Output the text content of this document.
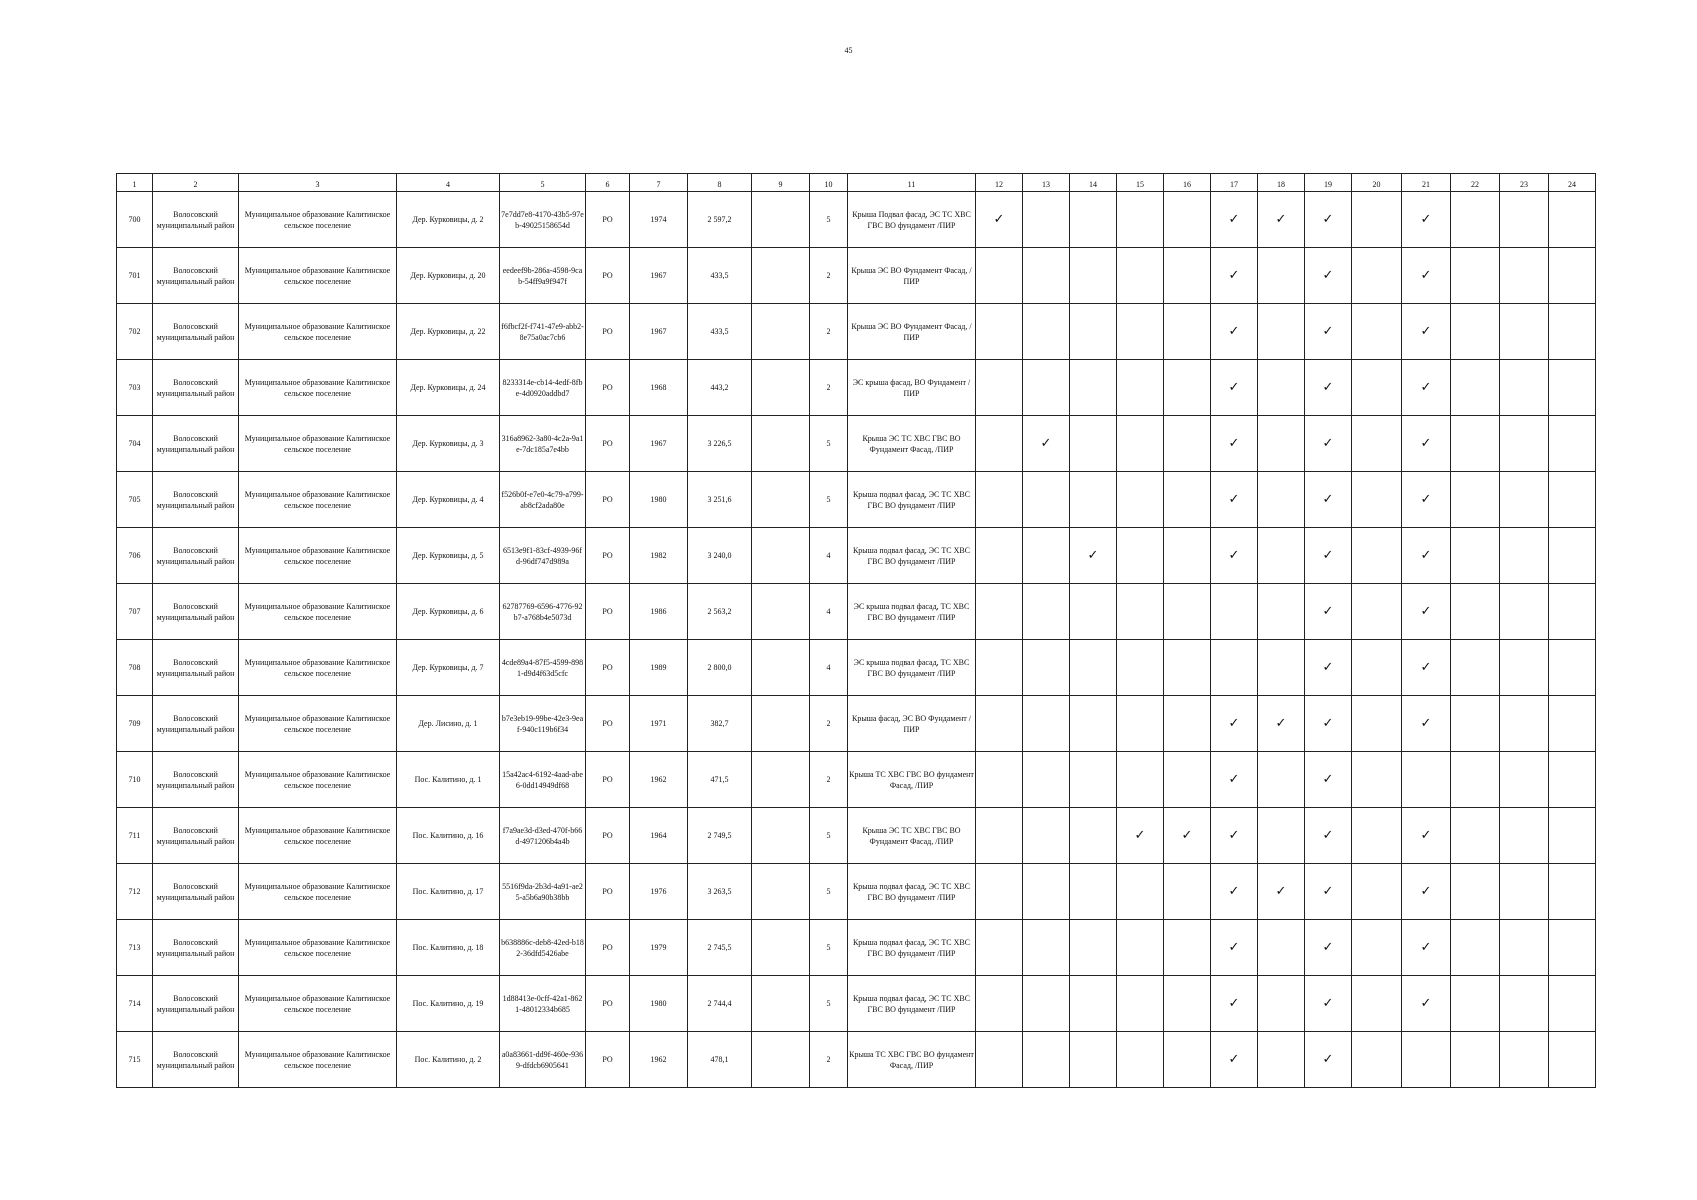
45
1	2	3	4	5	6	7	8	9	10	11	12	13	14	15	16	17	18	19	20	21	22	23	24
700	Волосовский муниципальный район	Муниципальное образование Калитинское сельское поселение	Дер. Курковицы, д. 2	7e7dd7e8-4170-43b5-97eb-49025158654d	РО	1974	2 597,2		5	Крыша Подвал фасад, ЭС ТС ХВС ГВС ВО фундамент /ПИР	✓					✓	✓	✓		✓			
701	Волосовский муниципальный район	Муниципальное образование Калитинское сельское поселение	Дер. Курковицы, д. 20	eedeef9b-286a-4598-9cab-54ff9a9f947f	РО	1967	433,5		2	Крыша ЭС ВО Фундамент Фасад, /ПИР						✓		✓		✓			
702	Волосовский муниципальный район	Муниципальное образование Калитинское сельское поселение	Дер. Курковицы, д. 22	f6fbcf2f-f741-47e9-abb2-8e75a0ac7cb6	РО	1967	433,5		2	Крыша ЭС ВО Фундамент Фасад, /ПИР						✓		✓		✓			
703	Волосовский муниципальный район	Муниципальное образование Калитинское сельское поселение	Дер. Курковицы, д. 24	8233314e-cb14-4edf-8fbe-4d0920addbd7	РО	1968	443,2		2	ЭС крыша фасад, ВО Фундамент /ПИР						✓		✓		✓			
704	Волосовский муниципальный район	Муниципальное образование Калитинское сельское поселение	Дер. Курковицы, д. 3	316a8962-3a80-4c2a-9a1e-7dc185a7e4bb	РО	1967	3 226,5		5	Крыша ЭС ТС ХВС ГВС ВО Фундамент Фасад, /ПИР		✓				✓		✓		✓			
705	Волосовский муниципальный район	Муниципальное образование Калитинское сельское поселение	Дер. Курковицы, д. 4	f526b0f-e7e0-4c79-a799-ab8cf2ada80e	РО	1980	3 251,6		5	Крыша подвал фасад, ЭС ТС ХВС ГВС ВО фундамент /ПИР						✓		✓		✓			
706	Волосовский муниципальный район	Муниципальное образование Калитинское сельское поселение	Дер. Курковицы, д. 5	6513e9f1-83cf-4939-96fd-96df747d989a	РО	1982	3 240,0		4	Крыша подвал фасад, ЭС ТС ХВС ГВС ВО фундамент /ПИР			✓			✓		✓		✓			
707	Волосовский муниципальный район	Муниципальное образование Калитинское сельское поселение	Дер. Курковицы, д. 6	62787769-6596-4776-92b7-a768b4e5073d	РО	1986	2 563,2		4	ЭС крыша подвал фасад, ТС ХВС ГВС ВО фундамент /ПИР								✓		✓			
708	Волосовский муниципальный район	Муниципальное образование Калитинское сельское поселение	Дер. Курковицы, д. 7	4cde89a4-87f5-4599-8981-d9d4f63d5cfc	РО	1989	2 800,0		4	ЭС крыша подвал фасад, ТС ХВС ГВС ВО фундамент /ПИР								✓		✓			
709	Волосовский муниципальный район	Муниципальное образование Калитинское сельское поселение	Дер. Лисино, д. 1	b7e3eb19-99be-42e3-9eaf-940c119b6f34	РО	1971	382,7		2	Крыша фасад, ЭС ВО Фундамент /ПИР						✓	✓	✓		✓			
710	Волосовский муниципальный район	Муниципальное образование Калитинское сельское поселение	Пос. Калитино, д. 1	15a42ac4-6192-4aad-abe6-0dd14949df68	РО	1962	471,5		2	Крыша ТС ХВС ГВС ВО фундамент Фасад, /ПИР						✓		✓					
711	Волосовский муниципальный район	Муниципальное образование Калитинское сельское поселение	Пос. Калитино, д. 16	f7a9ae3d-d3ed-470f-b66d-4971206b4a4b	РО	1964	2 749,5		5	Крыша ЭС ТС ХВС ГВС ВО Фундамент Фасад, /ПИР				✓	✓	✓		✓		✓			
712	Волосовский муниципальный район	Муниципальное образование Калитинское сельское поселение	Пос. Калитино, д. 17	5516f9da-2b3d-4a91-ae25-a5b6a90b38bb	РО	1976	3 263,5		5	Крыша подвал фасад, ЭС ТС ХВС ГВС ВО фундамент /ПИР						✓	✓	✓		✓			
713	Волосовский муниципальный район	Муниципальное образование Калитинское сельское поселение	Пос. Калитино, д. 18	b638886c-deb8-42ed-b182-36dfd5426abe	РО	1979	2 745,5		5	Крыша подвал фасад, ЭС ТС ХВС ГВС ВО фундамент /ПИР						✓		✓		✓			
714	Волосовский муниципальный район	Муниципальное образование Калитинское сельское поселение	Пос. Калитино, д. 19	1d88413e-0cff-42a1-8621-48012334b685	РО	1980	2 744,4		5	Крыша подвал фасад, ЭС ТС ХВС ГВС ВО фундамент /ПИР						✓		✓		✓			
715	Волосовский муниципальный район	Муниципальное образование Калитинское сельское поселение	Пос. Калитино, д. 2	a0a83661-dd9f-460e-9369-dfdcb6905641	РО	1962	478,1		2	Крыша ТС ХВС ГВС ВО фундамент Фасад, /ПИР						✓		✓					
